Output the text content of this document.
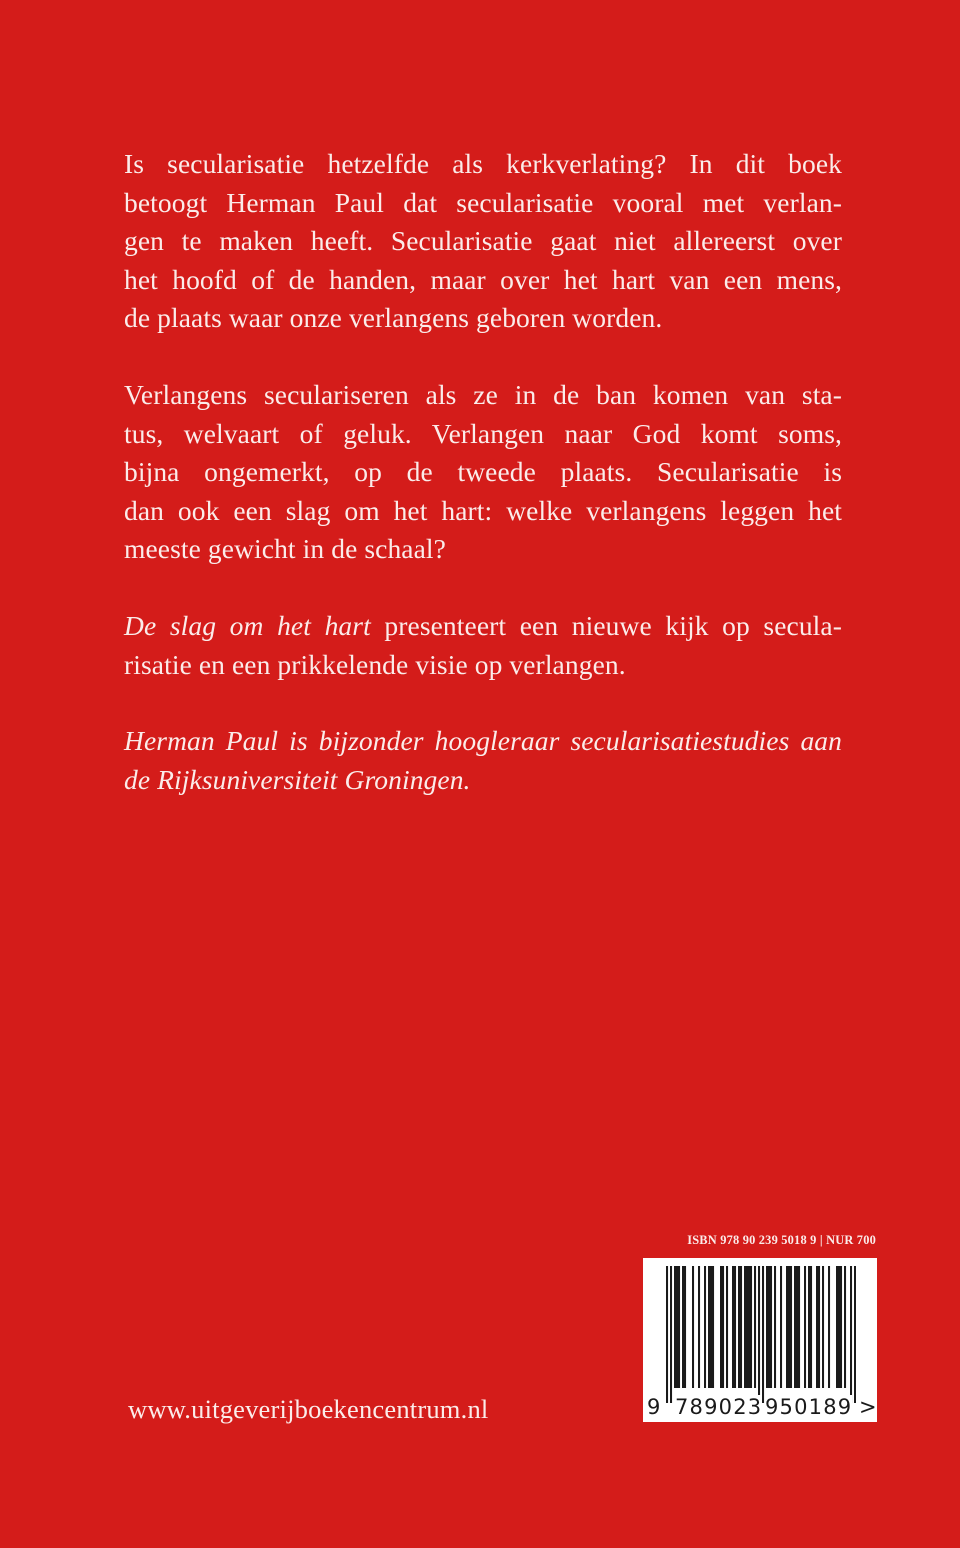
Is secularisatie hetzelfde als kerkverlating? In dit boek
betoogt Herman Paul dat secularisatie vooral met verlan-
gen te maken heeft. Secularisatie gaat niet allereerst over
het hoofd of de handen, maar over het hart van een mens,
de plaats waar onze verlangens geboren worden.

Verlangens seculariseren als ze in de ban komen van sta-
tus, welvaart of geluk. Verlangen naar God komt soms,
bijna ongemerkt, op de tweede plaats. Secularisatie is
dan ook een slag om het hart: welke verlangens leggen het
meeste gewicht in de schaal?

De slag om het hart presenteert een nieuwe kijk op secula-
risatie en een prikkelende visie op verlangen.

Herman Paul is bijzonder hoogleraar secularisatiestudies aan
de Rijksuniversiteit Groningen.

ISBN 978 90 239 5018 9 | NUR 700
9 789023 950189 >
www.uitgeverijboekencentrum.nl
